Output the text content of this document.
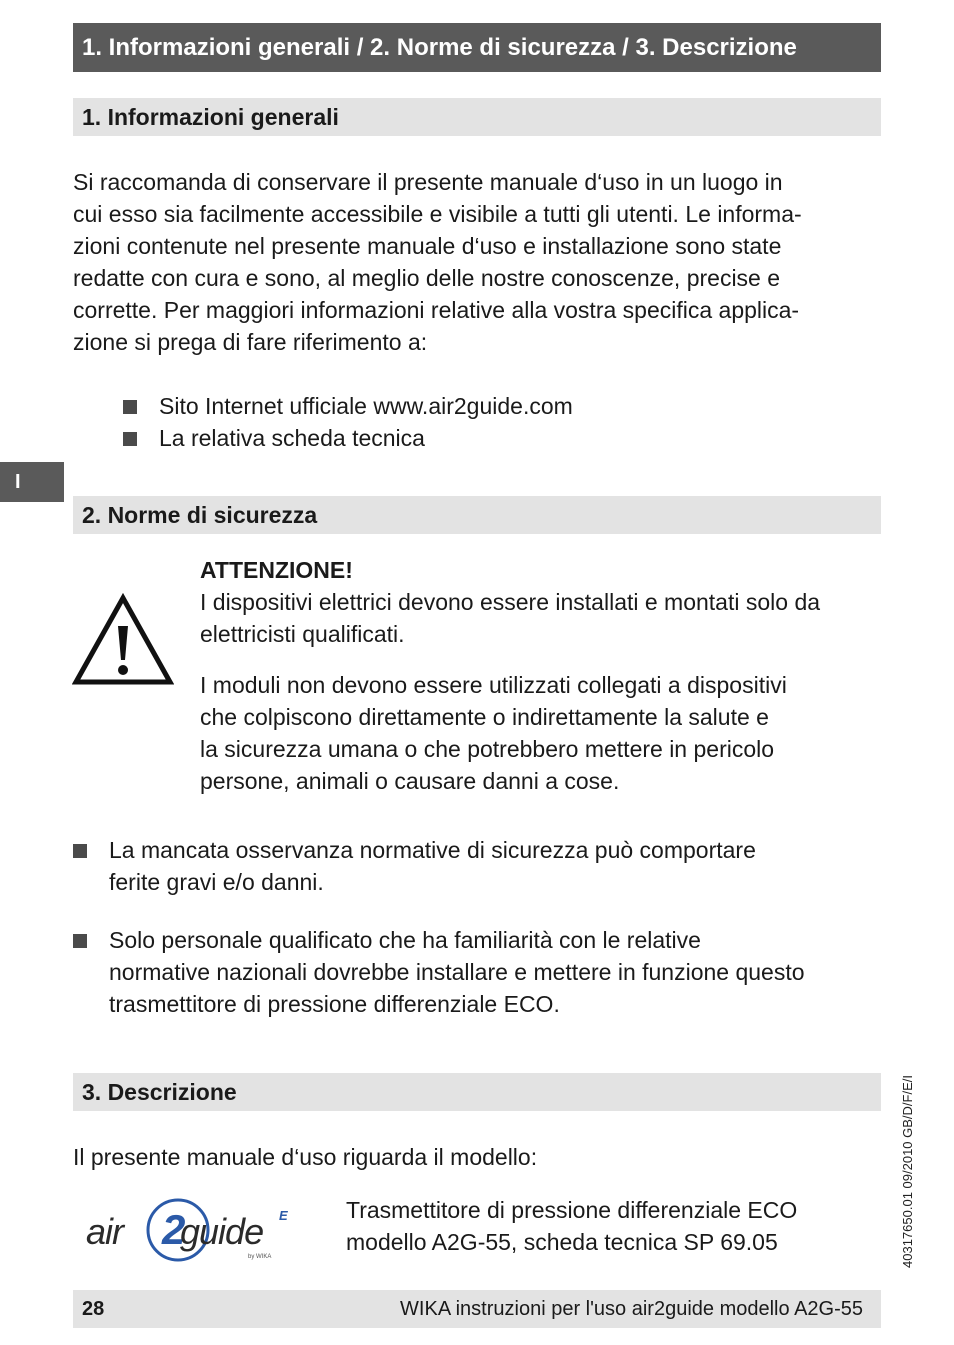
1. Informazioni generali / 2. Norme di sicurezza / 3. Descrizione
1. Informazioni generali

Si raccomanda di conservare il presente manuale d‘uso in un luogo in

cui esso sia facilmente accessibile e visibile a tutti gli utenti. Le informa-

zioni contenute nel presente manuale d‘uso e installazione sono state

redatte con cura e sono, al meglio delle nostre conoscenze, precise e

corrette. Per maggiori informazioni relative alla vostra specifica applica-

zione si prega di fare riferimento a:

Sito Internet ufficiale www.air2guide.com
La relativa scheda tecnica
I
2. Norme di sicurezza

ATTENZIONE!

I dispositivi elettrici devono essere installati e montati solo da

elettricisti qualificati.

I moduli non devono essere utilizzati collegati a dispositivi

che colpiscono direttamente o indirettamente la salute e

la sicurezza umana o che potrebbero mettere in pericolo

persone, animali o causare danni a cose.

La mancata osservanza normative di sicurezza può comportare
ferite gravi e/o danni.
Solo personale qualificato che ha familiarità con le relative
normative nazionali dovrebbe installare e mettere in funzione questo
trasmettitore di pressione differenziale ECO.
3. Descrizione

Il presente manuale d‘uso riguarda il modello:

air 2
guide E
by WIKA

Trasmettitore di pressione differenziale ECO

modello A2G-55, scheda tecnica SP 69.05	40317650.01 09/2010 GB/D/F/E/I
28	WIKA instruzioni per l'uso air2guide modello A2G-55
